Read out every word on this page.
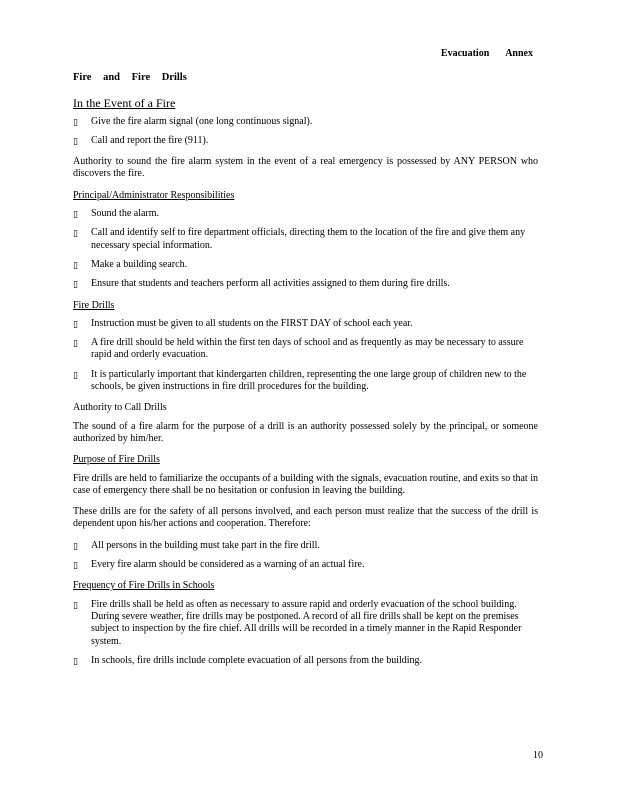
Evacuation Annex
Fire and Fire Drills
In the Event of a Fire
▯ Give the fire alarm signal (one long continuous signal).
▯ Call and report the fire (911).

Authority to sound the fire alarm system in the event of a real emergency is possessed by ANY PERSON who discovers the fire.

Principal/Administrator Responsibilities
▯ Sound the alarm.
▯ Call and identify self to fire department officials, directing them to the location of the fire and give them any necessary special information.
▯ Make a building search.
▯ Ensure that students and teachers perform all activities assigned to them during fire drills.
Fire Drills
▯ Instruction must be given to all students on the FIRST DAY of school each year.
▯ A fire drill should be held within the first ten days of school and as frequently as may be necessary to assure rapid and orderly evacuation.
▯ It is particularly important that kindergarten children, representing the one large group of children new to the schools, be given instructions in fire drill procedures for the building.
Authority to Call Drills

The sound of a fire alarm for the purpose of a drill is an authority possessed solely by the principal, or someone authorized by him/her.

Purpose of Fire Drills

Fire drills are held to familiarize the occupants of a building with the signals, evacuation routine, and exits so that in case of emergency there shall be no hesitation or confusion in leaving the building.

These drills are for the safety of all persons involved, and each person must realize that the success of the drill is dependent upon his/her actions and cooperation. Therefore:

▯ All persons in the building must take part in the fire drill.
▯ Every fire alarm should be considered as a warning of an actual fire.
Frequency of Fire Drills in Schools
▯ Fire drills shall be held as often as necessary to assure rapid and orderly evacuation of the school building. During severe weather, fire drills may be postponed. A record of all fire drills shall be kept on the premises subject to inspection by the fire chief. All drills will be recorded in a timely manner in the Rapid Responder system.
▯ In schools, fire drills include complete evacuation of all persons from the building.
10
